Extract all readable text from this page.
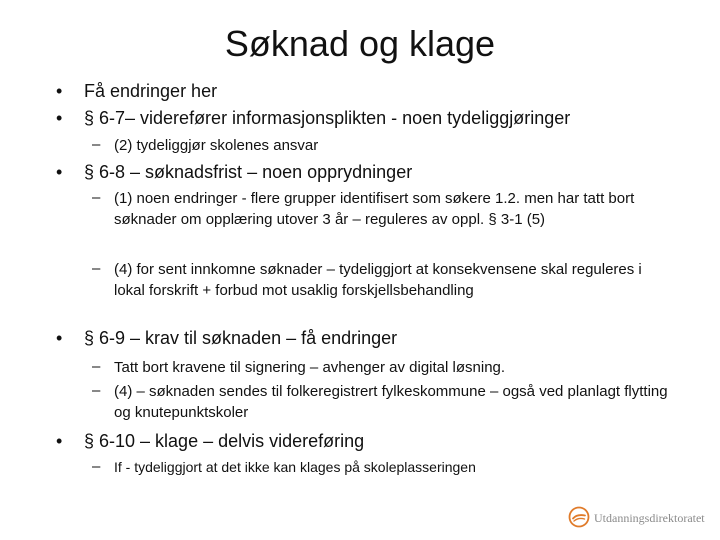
Søknad og klage
• Få endringer her
• § 6-7– viderefører informasjonsplikten - noen tydeliggjøringer
– (2) tydeliggjør skolenes ansvar
• § 6-8 – søknadsfrist – noen opprydninger
– (1) noen endringer - flere grupper identifisert som søkere 1.2. men har tatt bort søknader om opplæring utover 3 år – reguleres av oppl. § 3-1 (5)
– (4) for sent innkomne søknader – tydeliggjort at konsekvensene skal reguleres i lokal forskrift + forbud mot usaklig forskjellsbehandling
• § 6-9 – krav til søknaden – få endringer
– Tatt bort kravene til signering – avhenger av digital løsning.
– (4) – søknaden sendes til folkeregistrert fylkeskommune – også ved planlagt flytting og knutepunktskoler
• § 6-10 – klage – delvis videreføring
– If - tydeliggjort at det ikke kan klages på skoleplasseringen
Utdanningsdirektoratet
